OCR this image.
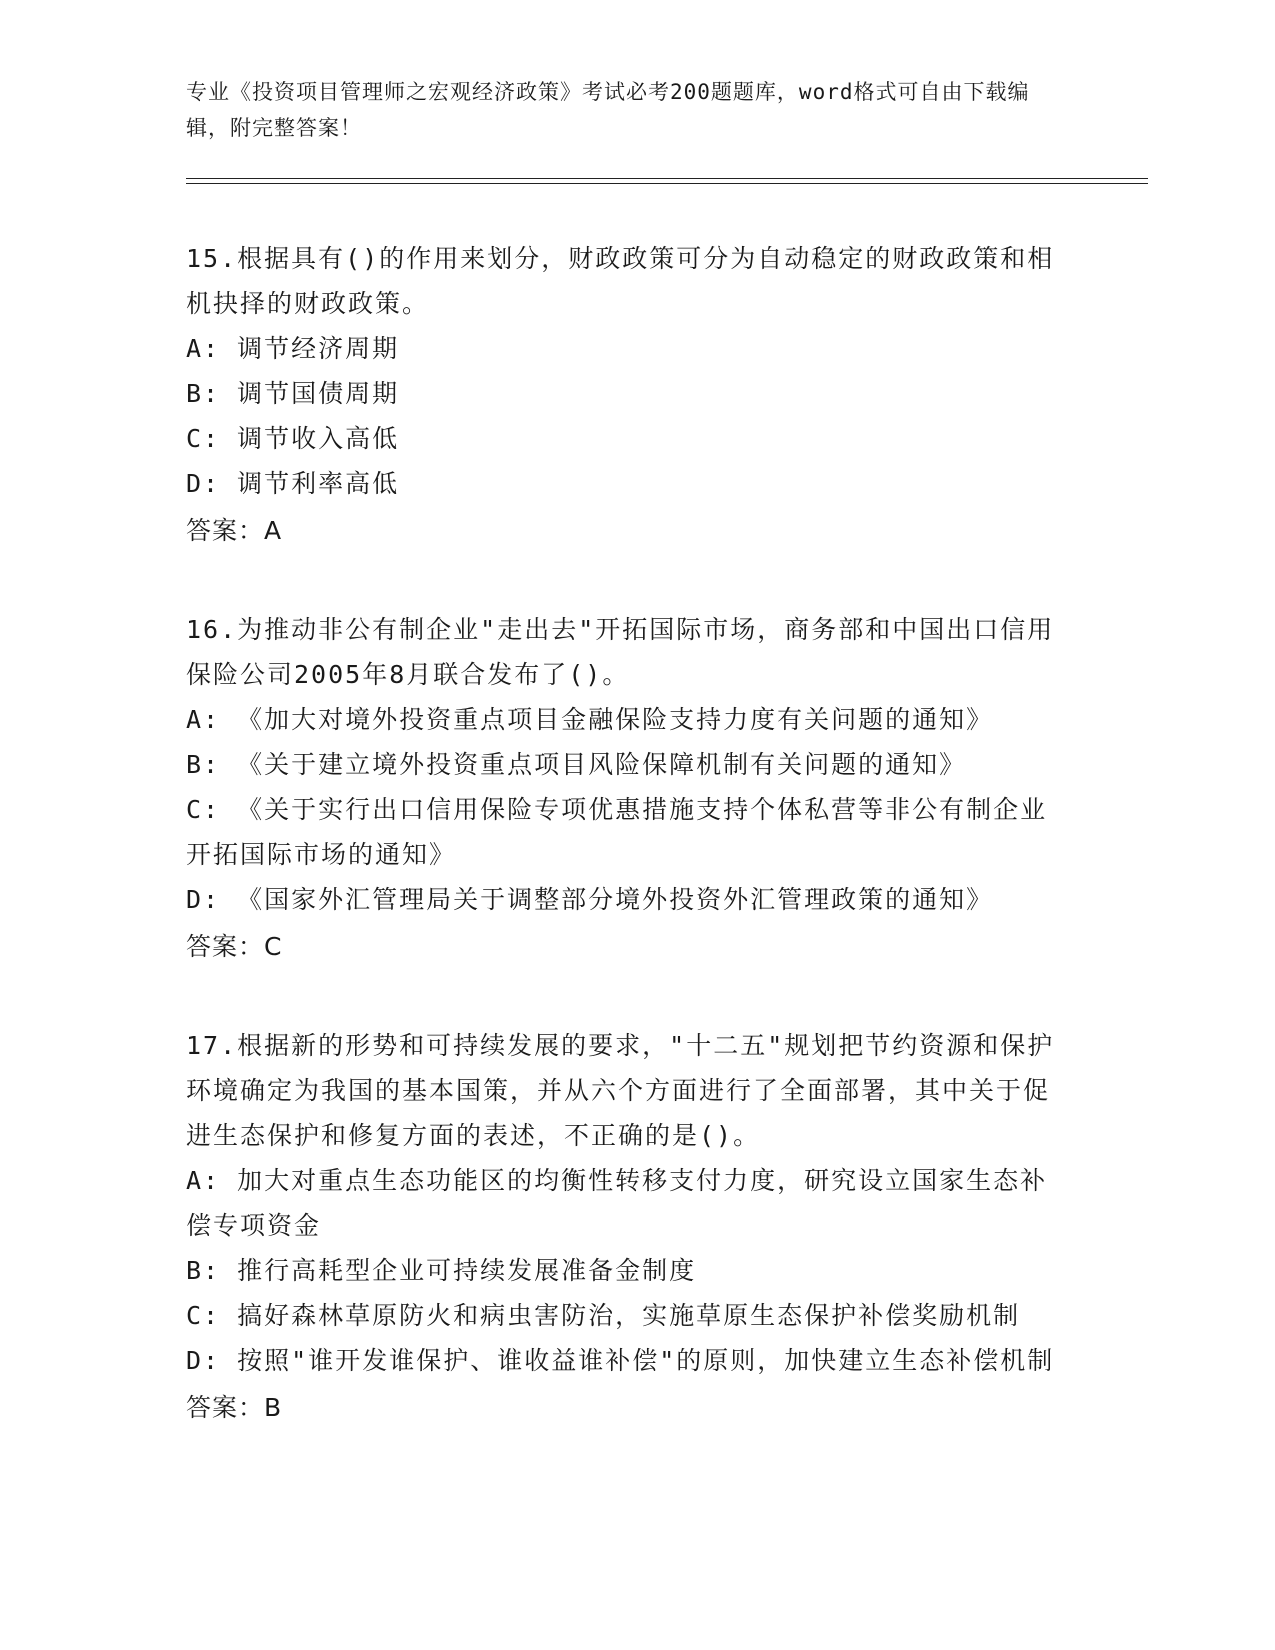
专业《投资项目管理师之宏观经济政策》考试必考200题题库，word格式可自由下载编辑，附完整答案！

15.根据具有()的作用来划分，财政政策可分为自动稳定的财政政策和相机抉择的财政政策。

A: 调节经济周期

B: 调节国债周期

C: 调节收入高低

D: 调节利率高低

答案：A

16.为推动非公有制企业"走出去"开拓国际市场，商务部和中国出口信用保险公司2005年8月联合发布了()。

A: 《加大对境外投资重点项目金融保险支持力度有关问题的通知》

B: 《关于建立境外投资重点项目风险保障机制有关问题的通知》

C: 《关于实行出口信用保险专项优惠措施支持个体私营等非公有制企业开拓国际市场的通知》

D: 《国家外汇管理局关于调整部分境外投资外汇管理政策的通知》

答案：C

17.根据新的形势和可持续发展的要求，"十二五"规划把节约资源和保护环境确定为我国的基本国策，并从六个方面进行了全面部署，其中关于促进生态保护和修复方面的表述，不正确的是()。

A: 加大对重点生态功能区的均衡性转移支付力度，研究设立国家生态补偿专项资金

B: 推行高耗型企业可持续发展准备金制度

C: 搞好森林草原防火和病虫害防治，实施草原生态保护补偿奖励机制

D: 按照"谁开发谁保护、谁收益谁补偿"的原则，加快建立生态补偿机制

答案：B
